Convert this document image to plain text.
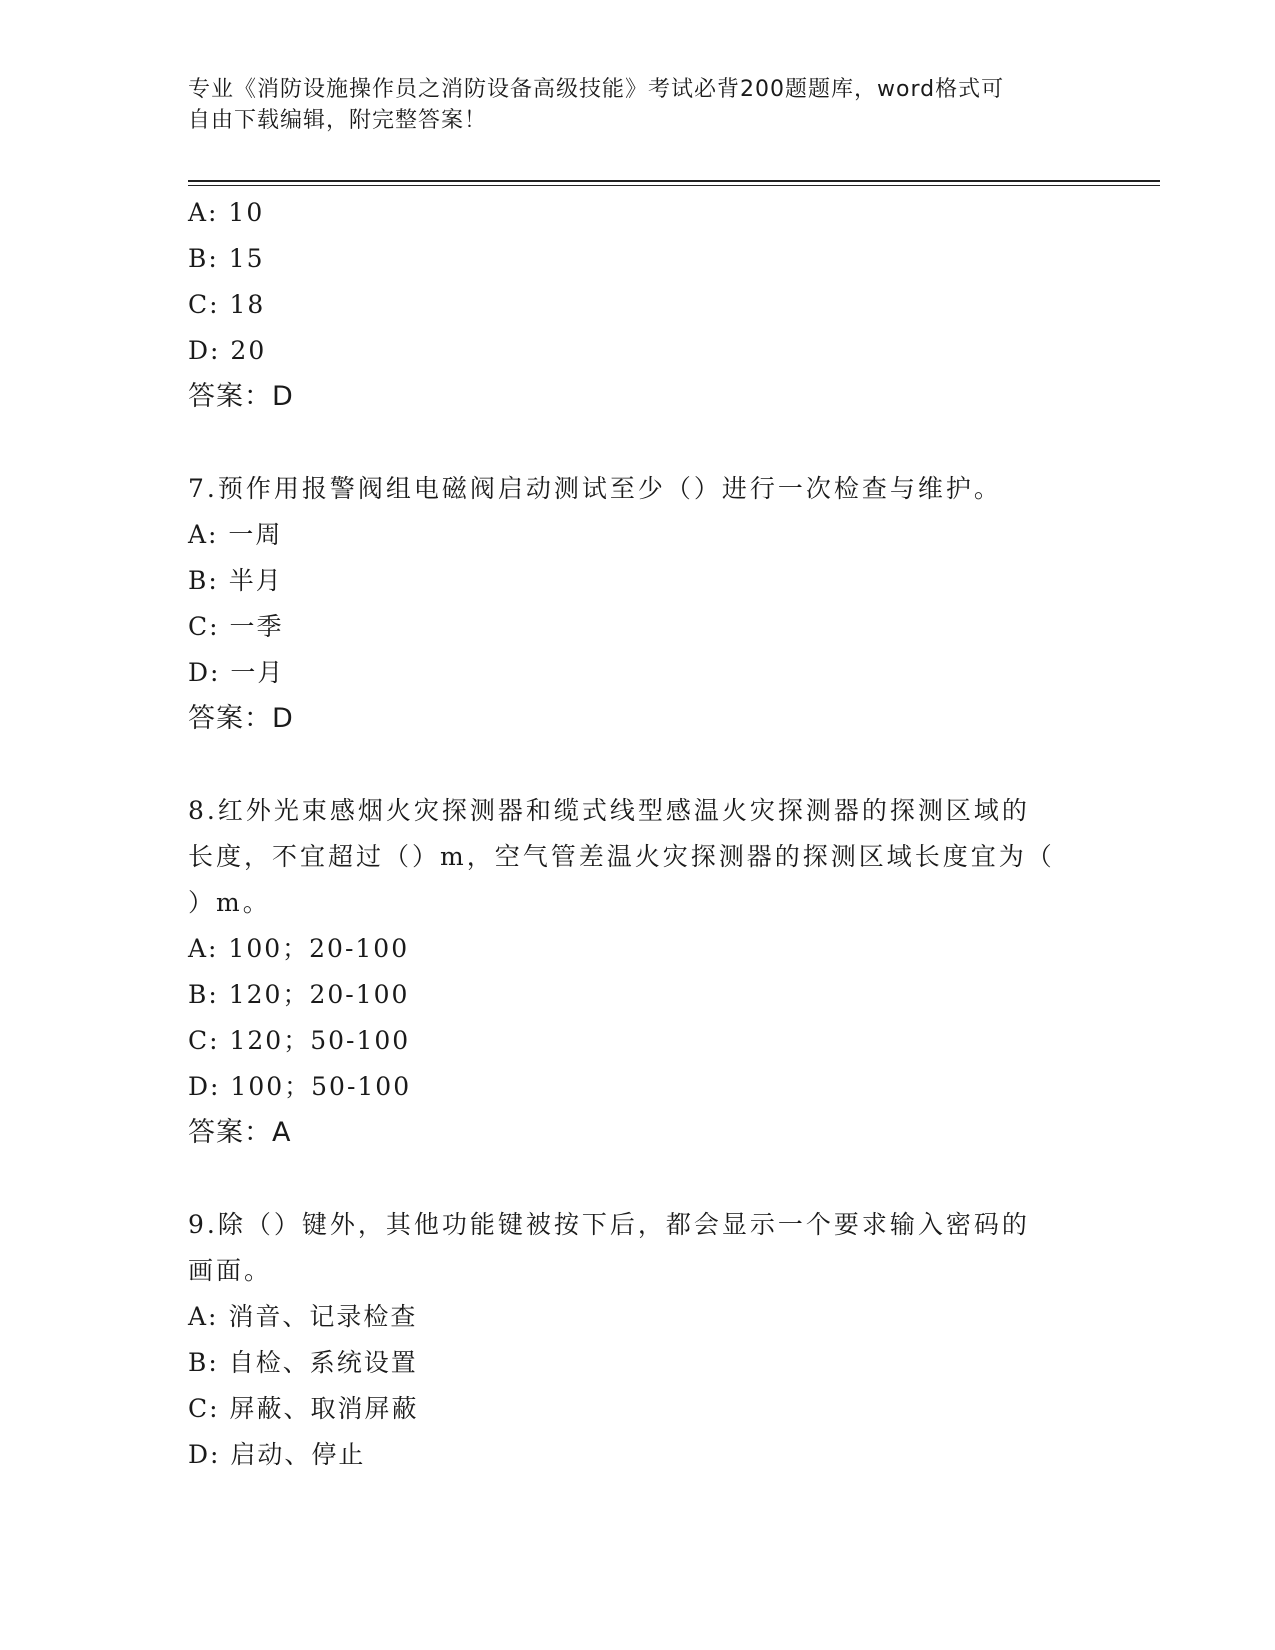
专业《消防设施操作员之消防设备高级技能》考试必背200题题库，word格式可
自由下载编辑，附完整答案！
A: 10
B: 15
C: 18
D: 20
答案：D
7.预作用报警阀组电磁阀启动测试至少（）进行一次检查与维护。
A: 一周
B: 半月
C: 一季
D: 一月
答案：D
8.红外光束感烟火灾探测器和缆式线型感温火灾探测器的探测区域的
长度，不宜超过（）m，空气管差温火灾探测器的探测区域长度宜为（
）m。
A: 100；20-100
B: 120；20-100
C: 120；50-100
D: 100；50-100
答案：A
9.除（）键外，其他功能键被按下后，都会显示一个要求输入密码的
画面。
A: 消音、记录检查
B: 自检、系统设置
C: 屏蔽、取消屏蔽
D: 启动、停止
